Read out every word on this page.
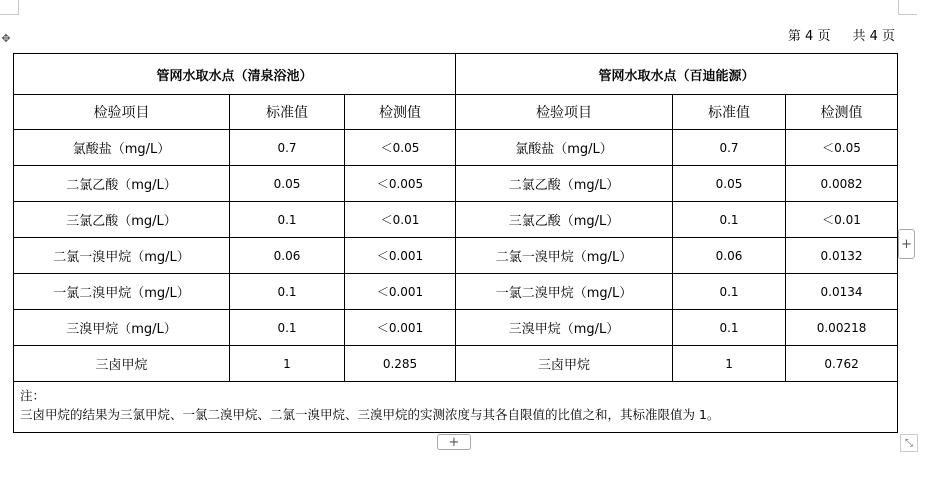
✥	第 4 页 共 4 页
管网水取水点（清泉浴池）			管网水取水点（百迪能源）		
检验项目	标准值	检测值	检验项目	标准值	检测值
氯酸盐（mg/L）	0.7	＜0.05	氯酸盐（mg/L）	0.7	＜0.05
二氯乙酸（mg/L）	0.05	＜0.005	二氯乙酸（mg/L）	0.05	0.0082
三氯乙酸（mg/L）	0.1	＜0.01	三氯乙酸（mg/L）	0.1	＜0.01
二氯一溴甲烷（mg/L）	0.06	＜0.001	二氯一溴甲烷（mg/L）	0.06	0.0132
一氯二溴甲烷（mg/L）	0.1	＜0.001	一氯二溴甲烷（mg/L）	0.1	0.0134
三溴甲烷（mg/L）	0.1	＜0.001	三溴甲烷（mg/L）	0.1	0.00218
三卤甲烷	1	0.285	三卤甲烷	1	0.762

注：
三卤甲烷的结果为三氯甲烷、一氯二溴甲烷、二氯一溴甲烷、三溴甲烷的实测浓度与其各自限值的比值之和，其标准限值为 1。					
+
+	⤡
